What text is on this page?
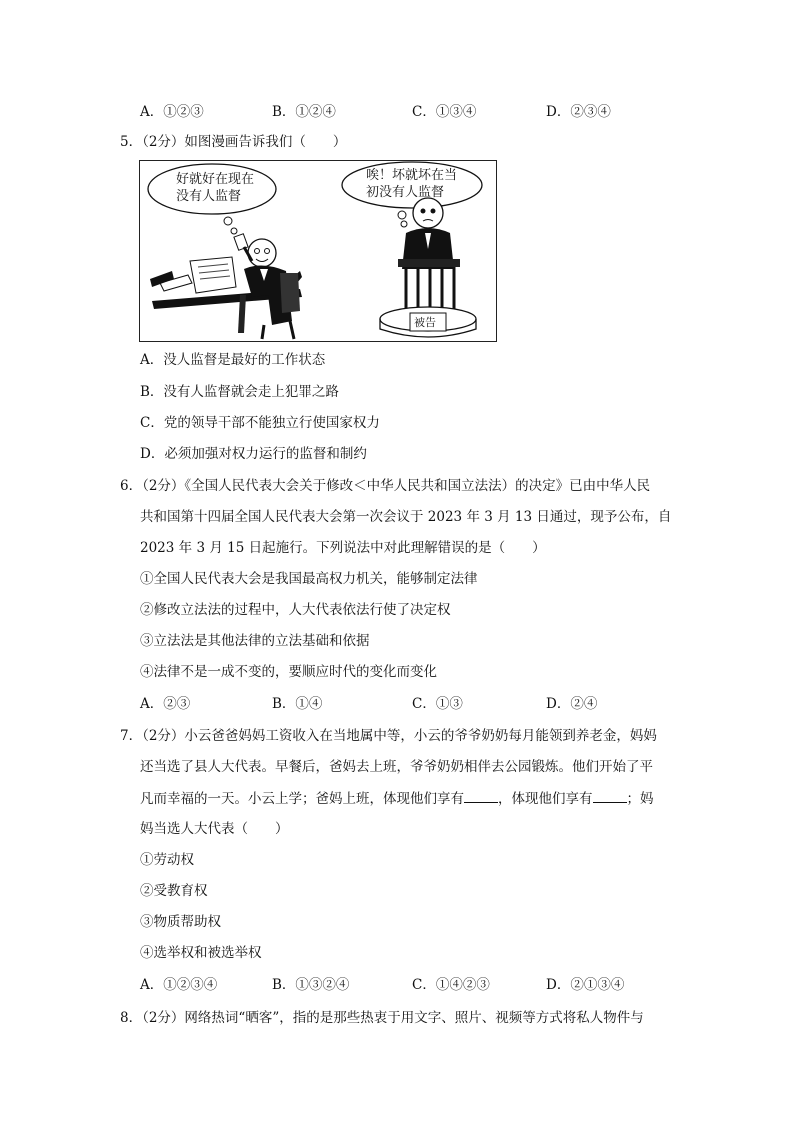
A．①②③	B．①②④	C．①③④	D．②③④
5．（2分）如图漫画告诉我们（　　）
好就好在现在
没有人监督
唉！坏就坏在当
初没有人监督
被告
A．没人监督是最好的工作状态
B．没有人监督就会走上犯罪之路
C．党的领导干部不能独立行使国家权力
D．必须加强对权力运行的监督和制约
6．（2分）《全国人民代表大会关于修改＜中华人民共和国立法法）的决定》已由中华人民
共和国第十四届全国人民代表大会第一次会议于 2023 年 3 月 13 日通过，现予公布，自
2023 年 3 月 15 日起施行。下列说法中对此理解错误的是（　　）
①全国人民代表大会是我国最高权力机关，能够制定法律
②修改立法法的过程中，人大代表依法行使了决定权
③立法法是其他法律的立法基础和依据
④法律不是一成不变的，要顺应时代的变化而变化
A．②③	B．①④	C．①③	D．②④
7．（2分）小云爸爸妈妈工资收入在当地属中等，小云的爷爷奶奶每月能领到养老金，妈妈
还当选了县人大代表。早餐后，爸妈去上班，爷爷奶奶相伴去公园锻炼。他们开始了平
凡而幸福的一天。小云上学；爸妈上班，体现他们享有	，体现他们享有	；妈
妈当选人大代表（　　）
①劳动权
②受教育权
③物质帮助权
④选举权和被选举权
A．①②③④	B．①③②④	C．①④②③	D．②①③④
8．（2分）网络热词“晒客”，指的是那些热衷于用文字、照片、视频等方式将私人物件与
